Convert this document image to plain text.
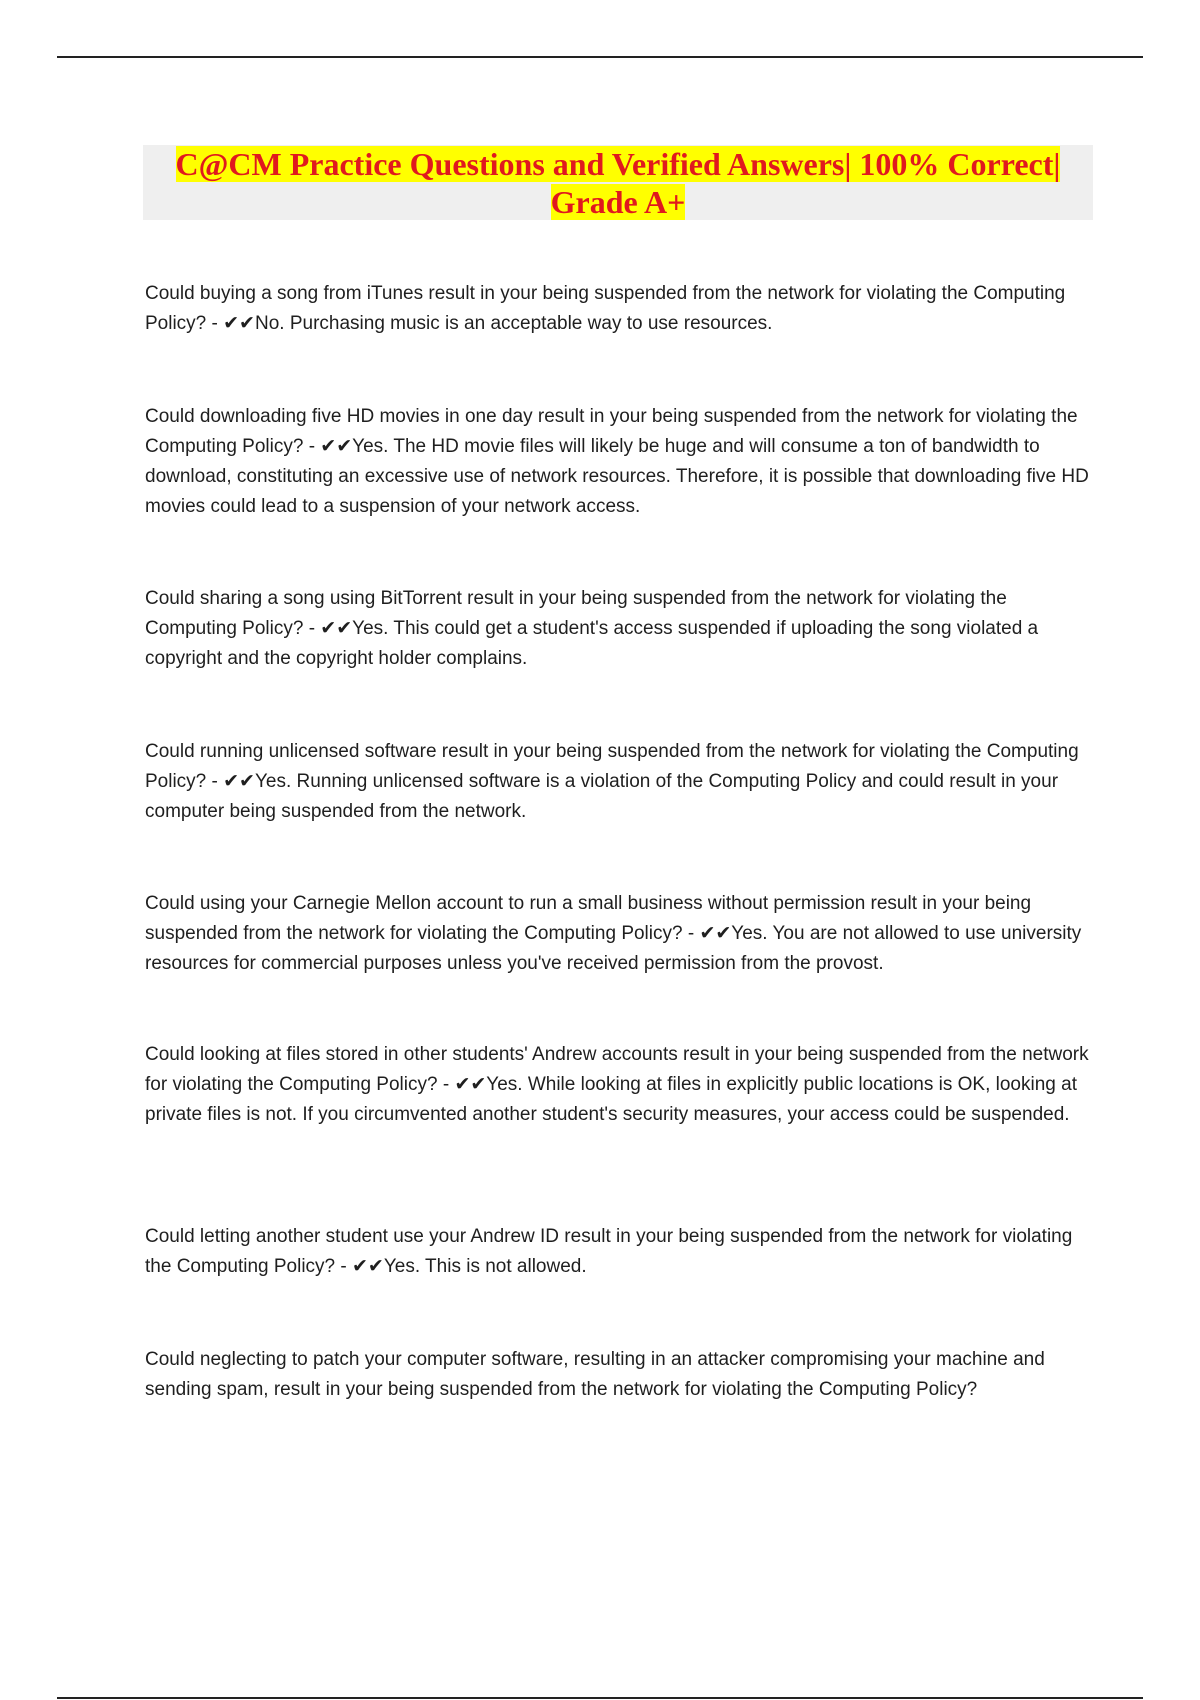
C@CM Practice Questions and Verified Answers| 100% Correct|
Grade A+

Could buying a song from iTunes result in your being suspended from the network for violating the Computing Policy? - ✔✔No. Purchasing music is an acceptable way to use resources.

Could downloading five HD movies in one day result in your being suspended from the network for violating the Computing Policy? - ✔✔Yes. The HD movie files will likely be huge and will consume a ton of bandwidth to download, constituting an excessive use of network resources. Therefore, it is possible that downloading five HD movies could lead to a suspension of your network access.

Could sharing a song using BitTorrent result in your being suspended from the network for violating the Computing Policy? - ✔✔Yes. This could get a student's access suspended if uploading the song violated a copyright and the copyright holder complains.

Could running unlicensed software result in your being suspended from the network for violating the Computing Policy? - ✔✔Yes. Running unlicensed software is a violation of the Computing Policy and could result in your computer being suspended from the network.

Could using your Carnegie Mellon account to run a small business without permission result in your being suspended from the network for violating the Computing Policy? - ✔✔Yes. You are not allowed to use university resources for commercial purposes unless you've received permission from the provost.

Could looking at files stored in other students' Andrew accounts result in your being suspended from the network for violating the Computing Policy? - ✔✔Yes. While looking at files in explicitly public locations is OK, looking at private files is not. If you circumvented another student's security measures, your access could be suspended.

Could letting another student use your Andrew ID result in your being suspended from the network for violating the Computing Policy? - ✔✔Yes. This is not allowed.

Could neglecting to patch your computer software, resulting in an attacker compromising your machine and sending spam, result in your being suspended from the network for violating the Computing Policy?
